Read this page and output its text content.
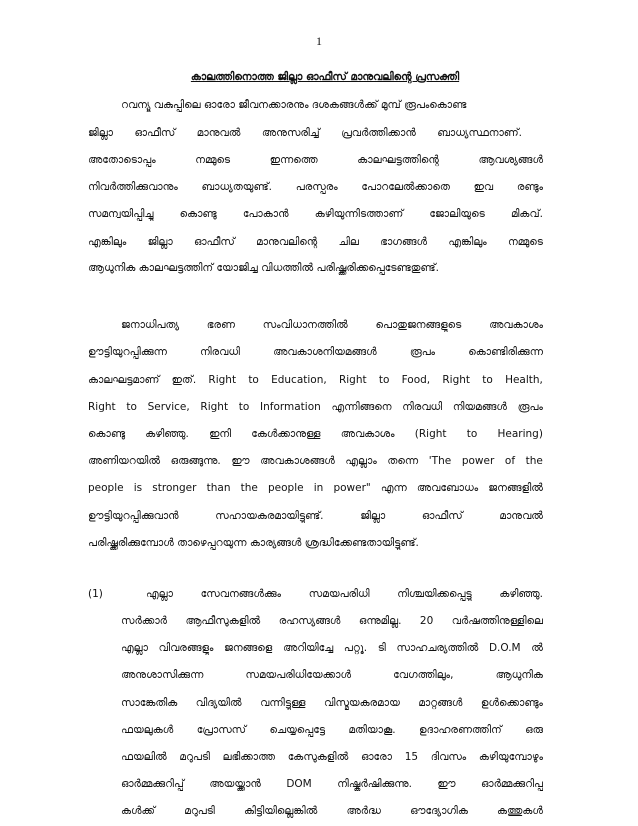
1
കാലത്തിനൊത്ത ജില്ലാ ഓഫീസ് മാനുവലിന്റെ പ്രസക്തി
റവന്യൂ വകുപ്പിലെ ഓരോ ജീവനക്കാരനും ദശകങ്ങൾക്ക് മുമ്പ് രൂപംകൊണ്ട
ജില്ലാ ഓഫീസ് മാനുവൽ അനുസരിച്ച് പ്രവർത്തിക്കാൻ ബാധ്യസ്ഥനാണ്.
അതോടൊപ്പം	നമ്മുടെ	ഇന്നത്തെ	കാലഘട്ടത്തിന്റെ	ആവശ്യങ്ങൾ
നിവർത്തിക്കുവാനും ബാധ്യതയുണ്ട്. പരസ്പരം പോറലേൽക്കാതെ ഇവ രണ്ടും
സമന്വയിപ്പിച്ചു കൊണ്ടു പോകാൻ കഴിയുന്നിടത്താണ് ജോലിയുടെ മികവ്.
എങ്കിലും ജില്ലാ ഓഫീസ് മാനുവലിന്റെ ചില ഭാഗങ്ങൾ എങ്കിലും നമ്മുടെ
ആധുനിക കാലഘട്ടത്തിന് യോജിച്ച വിധത്തിൽ പരിഷ്ക്കരിക്കപ്പെടേണ്ടതുണ്ട്.
ജനാധിപത്യ	ഭരണ	സംവിധാനത്തിൽ	പൊതുജനങ്ങളുടെ	അവകാശം
ഊട്ടിയുറപ്പിക്കുന്ന	നിരവധി	അവകാശനിയമങ്ങൾ	രൂപം	കൊണ്ടിരിക്കുന്ന
കാലഘട്ടമാണ് ഇത്. Right to Education, Right to Food, Right to Health,
Right to Service, Right to Information എന്നിങ്ങനെ നിരവധി നിയമങ്ങൾ രൂപം
കൊണ്ടു കഴിഞ്ഞു. ഇനി കേൾക്കാനുള്ള അവകാശം (Right to Hearing)
അണിയറയിൽ ഒരുങ്ങുന്നു. ഈ അവകാശങ്ങൾ എല്ലാം തന്നെ 'The power of the
people is stronger than the people in power" എന്ന അവബോധം ജനങ്ങളിൽ
ഊട്ടിയുറപ്പിക്കുവാൻ	സഹായകരമായിട്ടുണ്ട്.	ജില്ലാ	ഓഫീസ്	മാനുവൽ
പരിഷ്ക്കരിക്കുമ്പോൾ താഴെപ്പറയുന്ന കാര്യങ്ങൾ ശ്രദ്ധിക്കേണ്ടതായിട്ടുണ്ട്.
(1)	എല്ലാ	സേവനങ്ങൾക്കും	സമയപരിധി	നിശ്ചയിക്കപ്പെട്ടു	കഴിഞ്ഞു.
സർക്കാർ ആഫീസുകളിൽ രഹസ്യങ്ങൾ ഒന്നുമില്ല. 20 വർഷത്തിനുള്ളിലെ
എല്ലാ വിവരങ്ങളും ജനങ്ങളെ അറിയിച്ചേ പറ്റൂ. ടി സാഹചര്യത്തിൽ D.O.M ൽ
അനുശാസിക്കുന്ന	സമയപരിധിയേക്കാൾ	വേഗത്തിലും,	ആധുനിക
സാങ്കേതിക വിദ്യയിൽ വന്നിട്ടുള്ള വിസ്മയകരമായ മാറ്റങ്ങൾ ഉൾക്കൊണ്ടും
ഫയലുകൾ പ്രോസസ് ചെയ്യപ്പെട്ടേ മതിയാകൂ. ഉദാഹരണത്തിന് ഒരു
ഫയലിൽ മറുപടി ലഭിക്കാത്ത കേസുകളിൽ ഓരോ 15 ദിവസം കഴിയുമ്പോഴും
ഓർമ്മക്കുറിപ്പ് അയയ്ക്കാൻ DOM നിഷ്കർഷിക്കുന്നു. ഈ ഓർമ്മക്കുറിപ്പു
കൾക്ക്	മറുപടി	കിട്ടിയില്ലെങ്കിൽ	അർദ്ധ	ഔദ്യോഗിക	കത്തുകൾ
